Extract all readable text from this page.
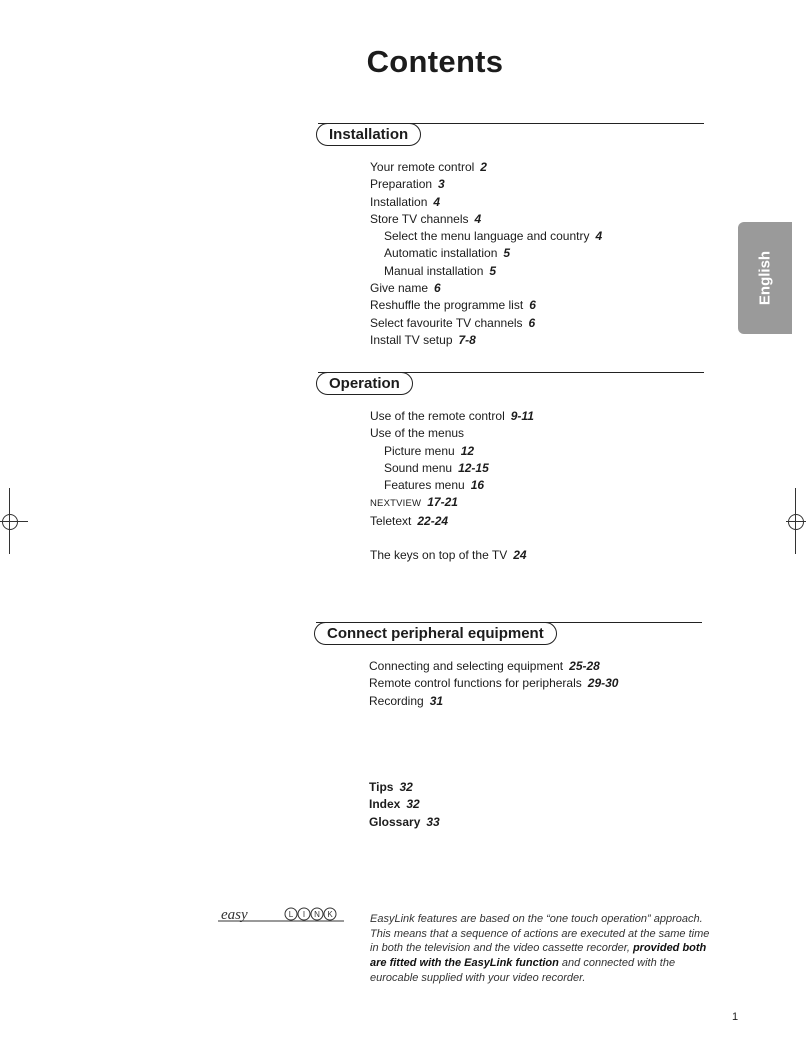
Contents
Installation
Your remote control 2
Preparation 3
Installation 4
Store TV channels 4
Select the menu language and country 4
Automatic installation 5
Manual installation 5
Give name 6
Reshuffle the programme list 6
Select favourite TV channels 6
Install TV setup 7-8
Operation
Use of the remote control 9-11
Use of the menus
Picture menu 12
Sound menu 12-15
Features menu 16
NEXTVIEW 17-21
Teletext 22-24
The keys on top of the TV 24
Connect peripheral equipment
Connecting and selecting equipment 25-28
Remote control functions for peripherals 29-30
Recording 31
Tips 32
Index 32
Glossary 33
English
easy	L I N K	EasyLink features are based on the “one touch operation” approach. This means that a sequence of actions are executed at the same time in both the television and the video cassette recorder, provided both are fitted with the EasyLink function and connected with the eurocable supplied with your video recorder.
1
